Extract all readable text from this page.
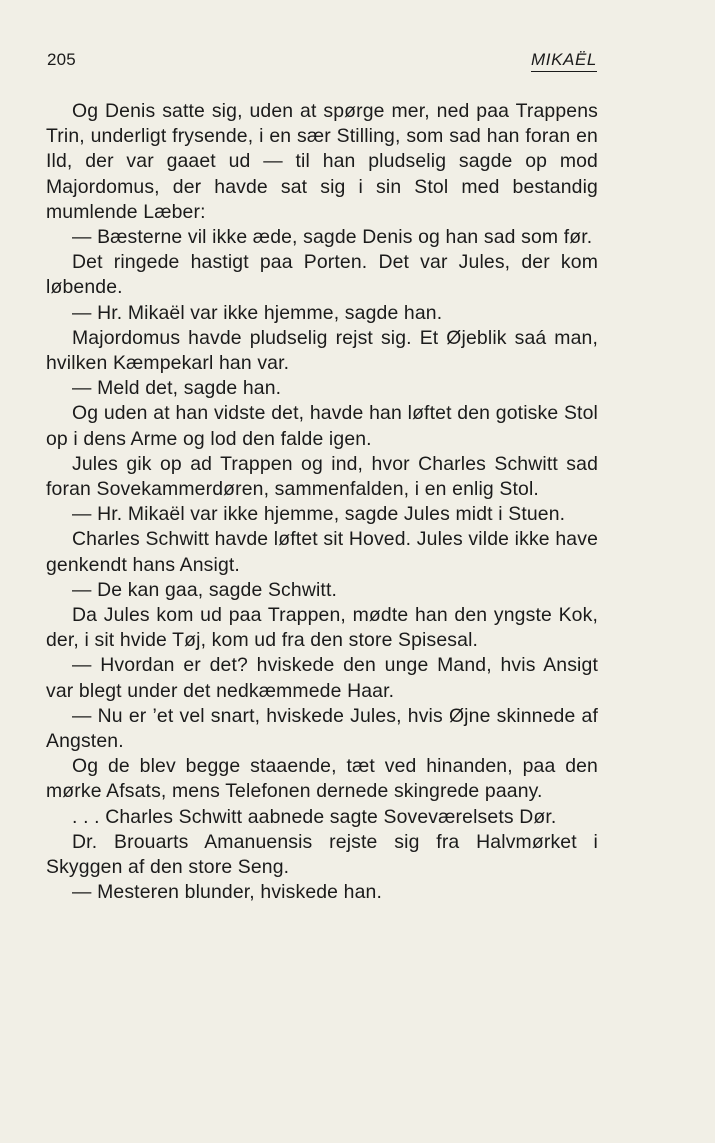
205	MIKAËL

Og Denis satte sig, uden at spørge mer, ned paa Trappens Trin, underligt frysende, i en sær Stilling, som sad han foran en Ild, der var gaaet ud — til han pludselig sagde op mod Majordomus, der havde sat sig i sin Stol med bestandig mumlende Læber:

— Bæsterne vil ikke æde, sagde Denis og han sad som før.

Det ringede hastigt paa Porten. Det var Jules, der kom løbende.

— Hr. Mikaël var ikke hjemme, sagde han.

Majordomus havde pludselig rejst sig. Et Øjeblik saá man, hvilken Kæmpekarl han var.

— Meld det, sagde han.

Og uden at han vidste det, havde han løftet den gotiske Stol op i dens Arme og lod den falde igen.

Jules gik op ad Trappen og ind, hvor Charles Schwitt sad foran Sovekammerdøren, sammenfalden, i en enlig Stol.

— Hr. Mikaël var ikke hjemme, sagde Jules midt i Stuen.

Charles Schwitt havde løftet sit Hoved. Jules vilde ikke have genkendt hans Ansigt.

— De kan gaa, sagde Schwitt.

Da Jules kom ud paa Trappen, mødte han den yngste Kok, der, i sit hvide Tøj, kom ud fra den store Spisesal.

— Hvordan er det? hviskede den unge Mand, hvis Ansigt var blegt under det nedkæmmede Haar.

— Nu er ’et vel snart, hviskede Jules, hvis Øjne skinnede af Angsten.

Og de blev begge staaende, tæt ved hinanden, paa den mørke Afsats, mens Telefonen dernede skingrede paany.

. . . Charles Schwitt aabnede sagte Soveværelsets Dør.

Dr. Brouarts Amanuensis rejste sig fra Halvmørket i Skyggen af den store Seng.

— Mesteren blunder, hviskede han.
